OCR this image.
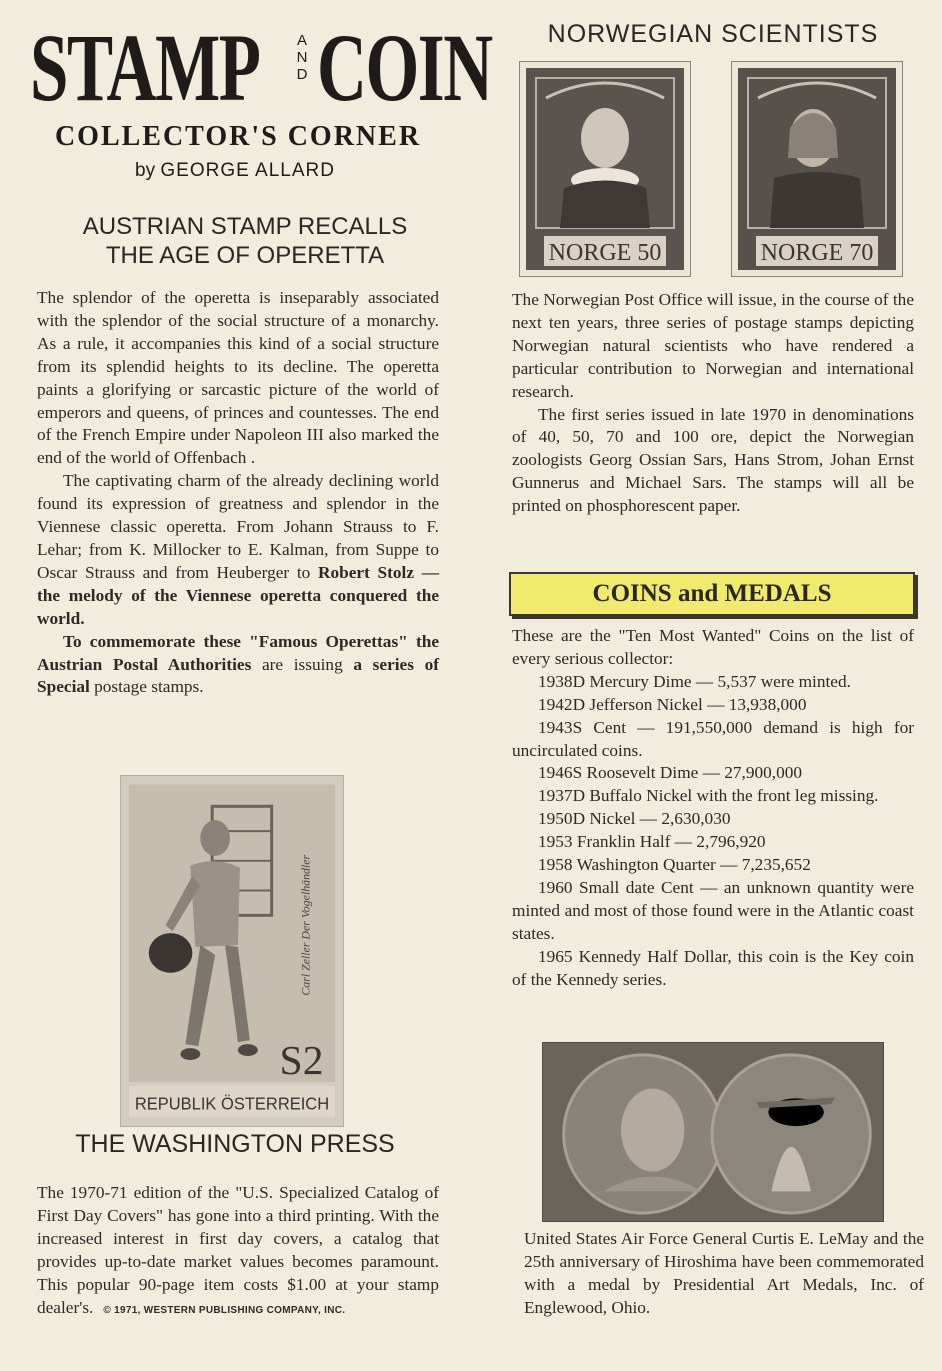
STAMP	A
N
D COIN
COLLECTOR'S CORNER
by GEORGE ALLARD
AUSTRIAN STAMP RECALLS
THE AGE OF OPERETTA

The splendor of the operetta is inseparably associated with the splendor of the social structure of a monarchy. As a rule, it accompanies this kind of a social structure from its splendid heights to its decline. The operetta paints a glorifying or sarcastic picture of the world of emperors and queens, of princes and countesses. The end of the French Empire under Napoleon III also marked the end of the world of Offenbach .

The captivating charm of the already declining world found its expression of greatness and splendor in the Viennese classic operetta. From Johann Strauss to F. Lehar; from K. Millocker to E. Kalman, from Suppe to Oscar Strauss and from Heuberger to Robert Stolz — the melody of the Viennese operetta conquered the world.

To commemorate these "Famous Operettas" the Austrian Postal Authorities are issuing a series of Special postage stamps.

Carl Zeller Der Vogelhändler
S2
REPUBLIK ÖSTERREICH
THE WASHINGTON PRESS

The 1970-71 edition of the "U.S. Specialized Catalog of First Day Covers" has gone into a third printing. With the increased interest in first day covers, a catalog that provides up-to-date market values becomes paramount. This popular 90-page item costs $1.00 at your stamp dealer's. © 1971, WESTERN PUBLISHING COMPANY, INC.

NORWEGIAN SCIENTISTS
NORGE 50	NORGE 70

The Norwegian Post Office will issue, in the course of the next ten years, three series of postage stamps depicting Norwegian natural scientists who have rendered a particular contribution to Norwegian and international research.

The first series issued in late 1970 in denominations of 40, 50, 70 and 100 ore, depict the Norwegian zoologists Georg Ossian Sars, Hans Strom, Johan Ernst Gunnerus and Michael Sars. The stamps will all be printed on phosphorescent paper.

COINS and MEDALS

These are the "Ten Most Wanted" Coins on the list of every serious collector:

1938D Mercury Dime — 5,537 were minted.

1942D Jefferson Nickel — 13,938,000

1943S Cent — 191,550,000 demand is high for uncirculated coins.

1946S Roosevelt Dime — 27,900,000

1937D Buffalo Nickel with the front leg missing.

1950D Nickel — 2,630,030

1953 Franklin Half — 2,796,920

1958 Washington Quarter — 7,235,652

1960 Small date Cent — an unknown quantity were minted and most of those found were in the Atlantic coast states.

1965 Kennedy Half Dollar, this coin is the Key coin of the Kennedy series.

United States Air Force General Curtis E. LeMay and the 25th anniversary of Hiroshima have been commemorated with a medal by Presidential Art Medals, Inc. of Englewood, Ohio.
